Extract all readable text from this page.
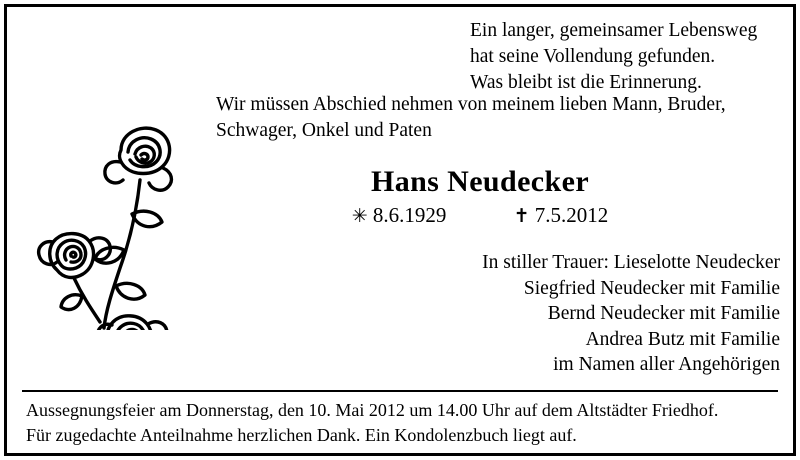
Ein langer, gemeinsamer Lebensweg
hat seine Vollendung gefunden.
Was bleibt ist die Erinnerung.
Wir müssen Abschied nehmen von meinem lieben Mann, Bruder,
Schwager, Onkel und Paten
Hans Neudecker
✳ 8.6.1929	✝ 7.5.2012
In stiller Trauer: Lieselotte Neudecker
Siegfried Neudecker mit Familie
Bernd Neudecker mit Familie
Andrea Butz mit Familie
im Namen aller Angehörigen
Aussegnungsfeier am Donnerstag, den 10. Mai 2012 um 14.00 Uhr auf dem Altstädter Friedhof.
Für zugedachte Anteilnahme herzlichen Dank. Ein Kondolenzbuch liegt auf.
